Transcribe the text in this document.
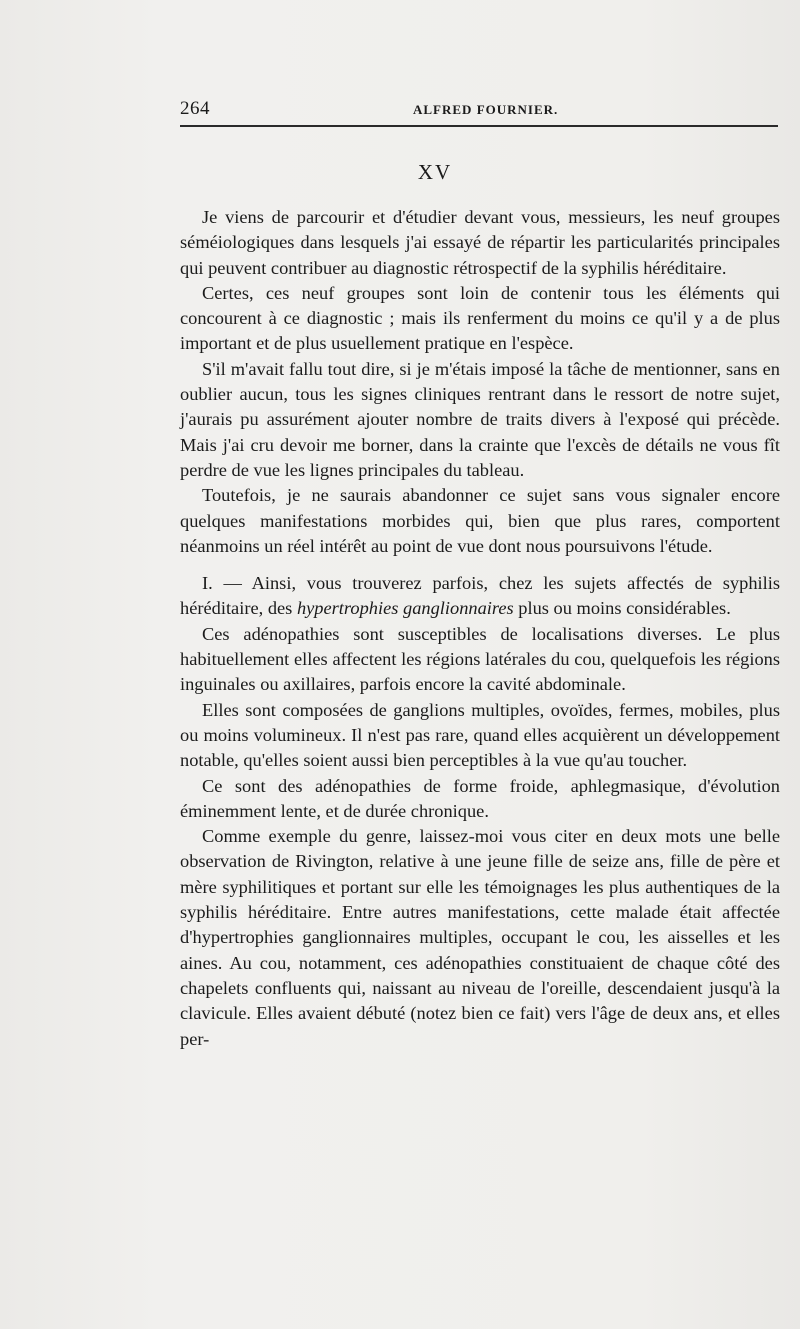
264	ALFRED FOURNIER.
XV

Je viens de parcourir et d'étudier devant vous, messieurs, les neuf groupes séméiologiques dans lesquels j'ai essayé de répartir les particularités principales qui peuvent contribuer au diagnostic rétrospectif de la syphilis héréditaire.

Certes, ces neuf groupes sont loin de contenir tous les éléments qui concourent à ce diagnostic ; mais ils renferment du moins ce qu'il y a de plus important et de plus usuellement pratique en l'espèce.

S'il m'avait fallu tout dire, si je m'étais imposé la tâche de mentionner, sans en oublier aucun, tous les signes cliniques rentrant dans le ressort de notre sujet, j'aurais pu assurément ajouter nombre de traits divers à l'exposé qui précède. Mais j'ai cru devoir me borner, dans la crainte que l'excès de détails ne vous fît perdre de vue les lignes principales du tableau.

Toutefois, je ne saurais abandonner ce sujet sans vous signaler encore quelques manifestations morbides qui, bien que plus rares, comportent néanmoins un réel intérêt au point de vue dont nous poursuivons l'étude.

I. — Ainsi, vous trouverez parfois, chez les sujets affectés de syphilis héréditaire, des hypertrophies ganglionnaires plus ou moins considérables.

Ces adénopathies sont susceptibles de localisations diverses. Le plus habituellement elles affectent les régions latérales du cou, quelquefois les régions inguinales ou axillaires, parfois encore la cavité abdominale.

Elles sont composées de ganglions multiples, ovoïdes, fermes, mobiles, plus ou moins volumineux. Il n'est pas rare, quand elles acquièrent un développement notable, qu'elles soient aussi bien perceptibles à la vue qu'au toucher.

Ce sont des adénopathies de forme froide, aphlegmasique, d'évolution éminemment lente, et de durée chronique.

Comme exemple du genre, laissez-moi vous citer en deux mots une belle observation de Rivington, relative à une jeune fille de seize ans, fille de père et mère syphilitiques et portant sur elle les témoignages les plus authentiques de la syphilis héréditaire. Entre autres manifestations, cette malade était affectée d'hypertrophies ganglionnaires multiples, occupant le cou, les aisselles et les aines. Au cou, notamment, ces adénopathies constituaient de chaque côté des chapelets confluents qui, naissant au niveau de l'oreille, descendaient jusqu'à la clavicule. Elles avaient débuté (notez bien ce fait) vers l'âge de deux ans, et elles per-
